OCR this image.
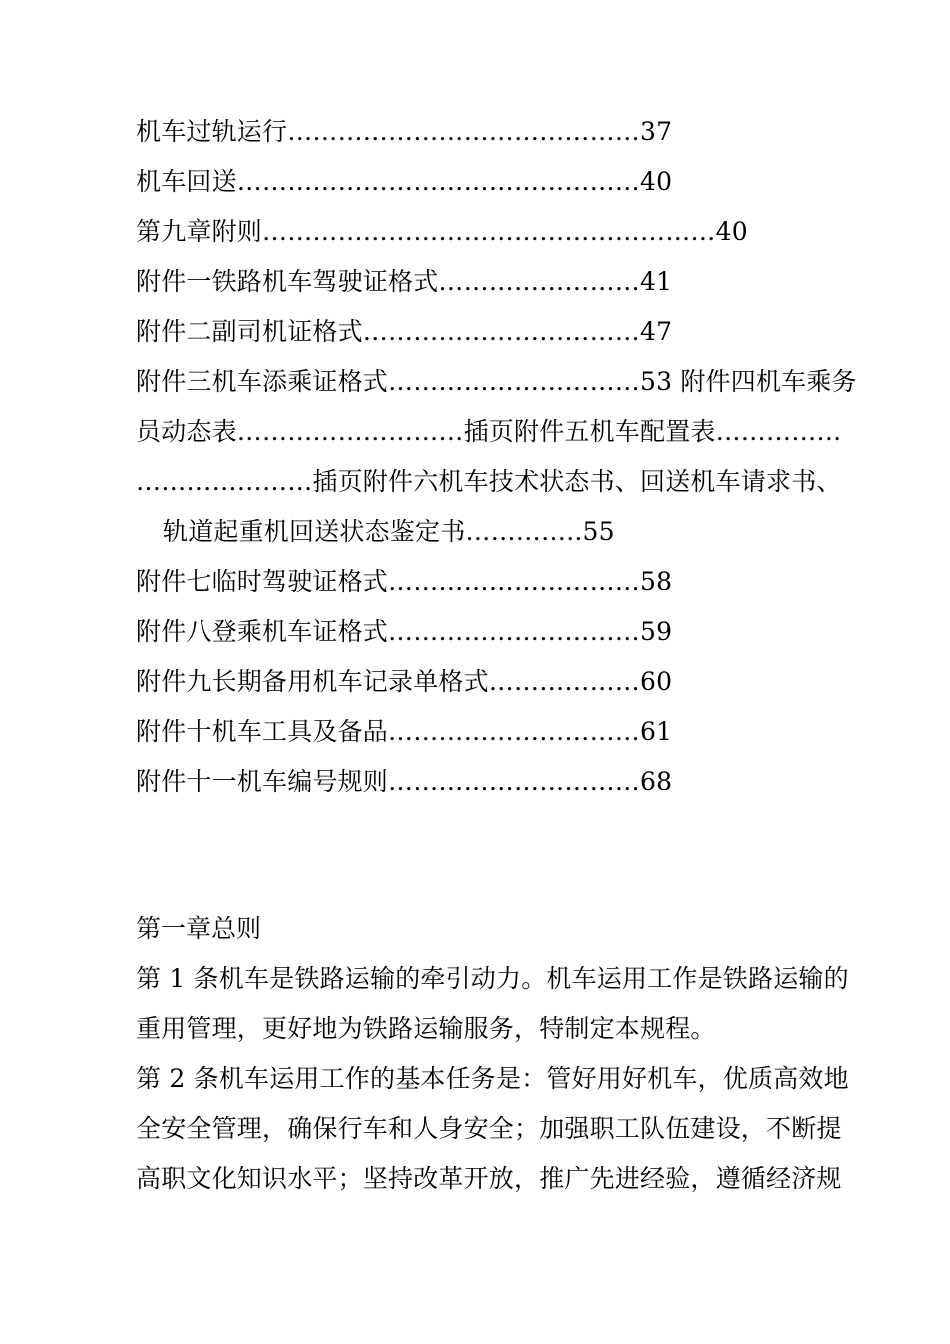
机车过轨运行……………………………………37
机车回送…………………………………………40
第九章附则………………………………………………40
附件一铁路机车驾驶证格式……………………41
附件二副司机证格式……………………………47
附件三机车添乘证格式…………………………53 附件四机车乘务
员动态表………………………插页附件五机车配置表……………
…………………插页附件六机车技术状态书、回送机车请求书、
轨道起重机回送状态鉴定书…………..55
附件七临时驾驶证格式…………………………58
附件八登乘机车证格式…………………………59
附件九长期备用机车记录单格式………………60
附件十机车工具及备品…………………………61
附件十一机车编号规则…………………………68
第一章总则
第 1 条机车是铁路运输的牵引动力。机车运用工作是铁路运输的
重用管理，更好地为铁路运输服务，特制定本规程。
第 2 条机车运用工作的基本任务是：管好用好机车，优质高效地
全安全管理，确保行车和人身安全；加强职工队伍建设，不断提
高职文化知识水平；坚持改革开放，推广先进经验，遵循经济规
